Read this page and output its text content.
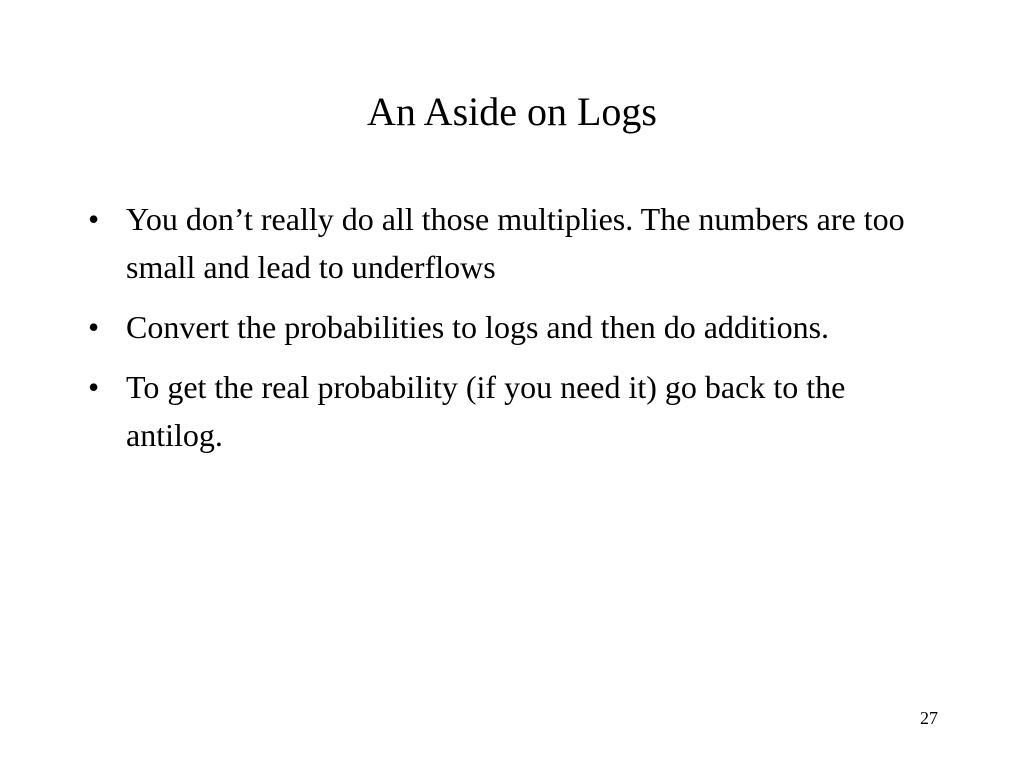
An Aside on Logs
• You don’t really do all those multiplies. The numbers are too small and lead to underflows
• Convert the probabilities to logs and then do additions.
• To get the real probability (if you need it) go back to the antilog.
27
